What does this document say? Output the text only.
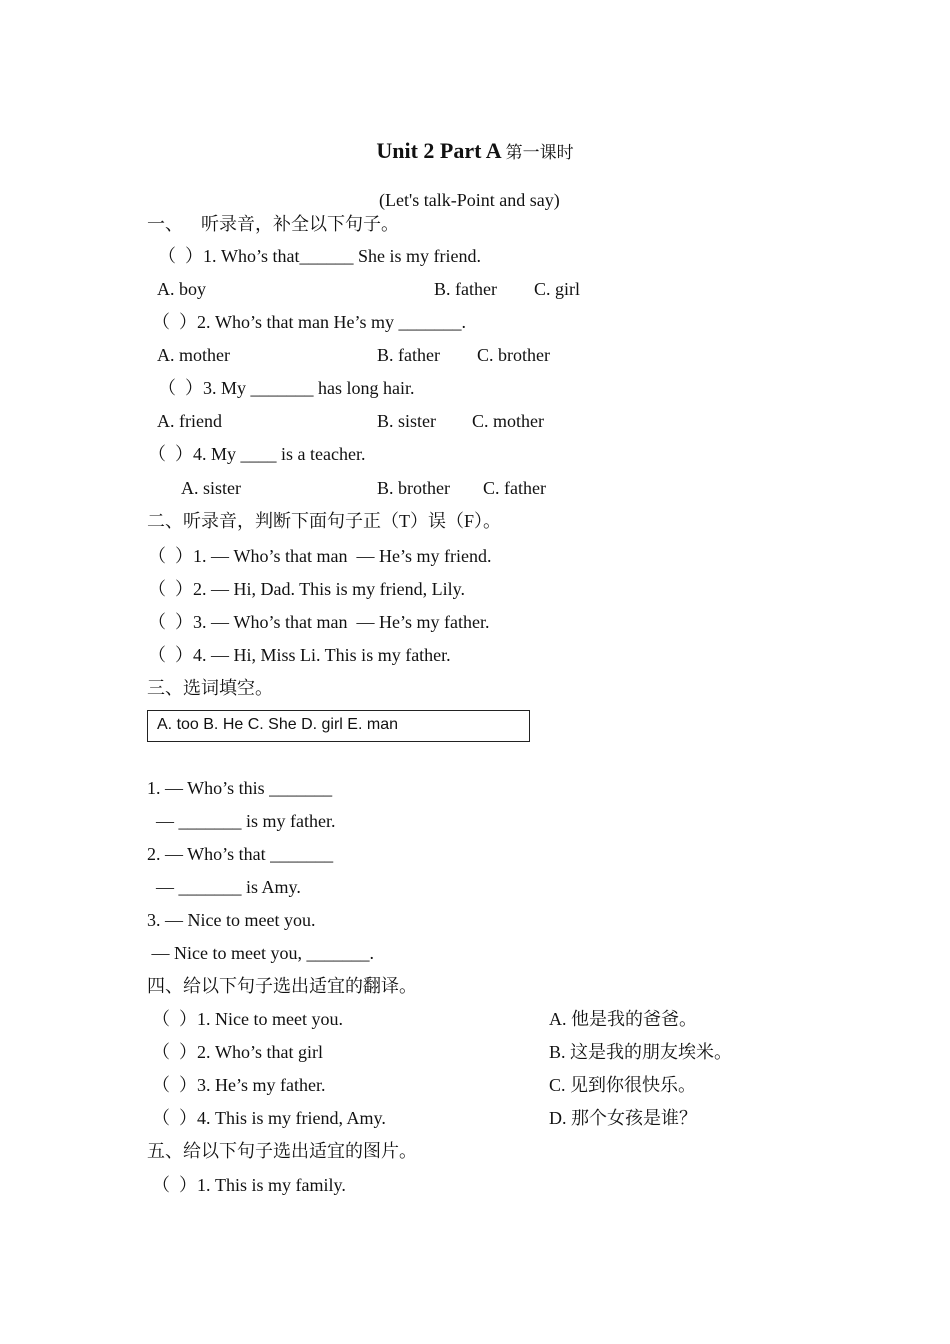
Unit 2 Part A 第一课时
(Let's talk-Point and say)
一、    听录音，补全以下句子。
（  ）1. Who’s that______ She is my friend.
A. boy	B. father C. girl
（  ）2. Who’s that man He’s my _______.
A. mother	B. father C. brother
（  ）3. My _______ has long hair.
A. friend	B. sister C. mother
（  ）4. My ____ is a teacher.
A. sister	B. brother C. father
二、听录音，判断下面句子正（T）误（F）。
（  ）1. — Who’s that man  — He’s my friend.
（  ）2. — Hi, Dad. This is my friend, Lily.
（  ）3. — Who’s that man  — He’s my father.
（  ）4. — Hi, Miss Li. This is my father.
三、选词填空。
A. too B. He C. She D. girl E. man
1. — Who’s this _______
— _______ is my father.
2. — Who’s that _______
— _______ is Amy.
3. — Nice to meet you.
— Nice to meet you, _______.
四、给以下句子选出适宜的翻译。
（  ）1. Nice to meet you.	A. 他是我的爸爸。
（  ）2. Who’s that girl	B. 这是我的朋友埃米。
（  ）3. He’s my father.	C. 见到你很快乐。
（  ）4. This is my friend, Amy.	D. 那个女孩是谁？
五、给以下句子选出适宜的图片。
（  ）1. This is my family.
